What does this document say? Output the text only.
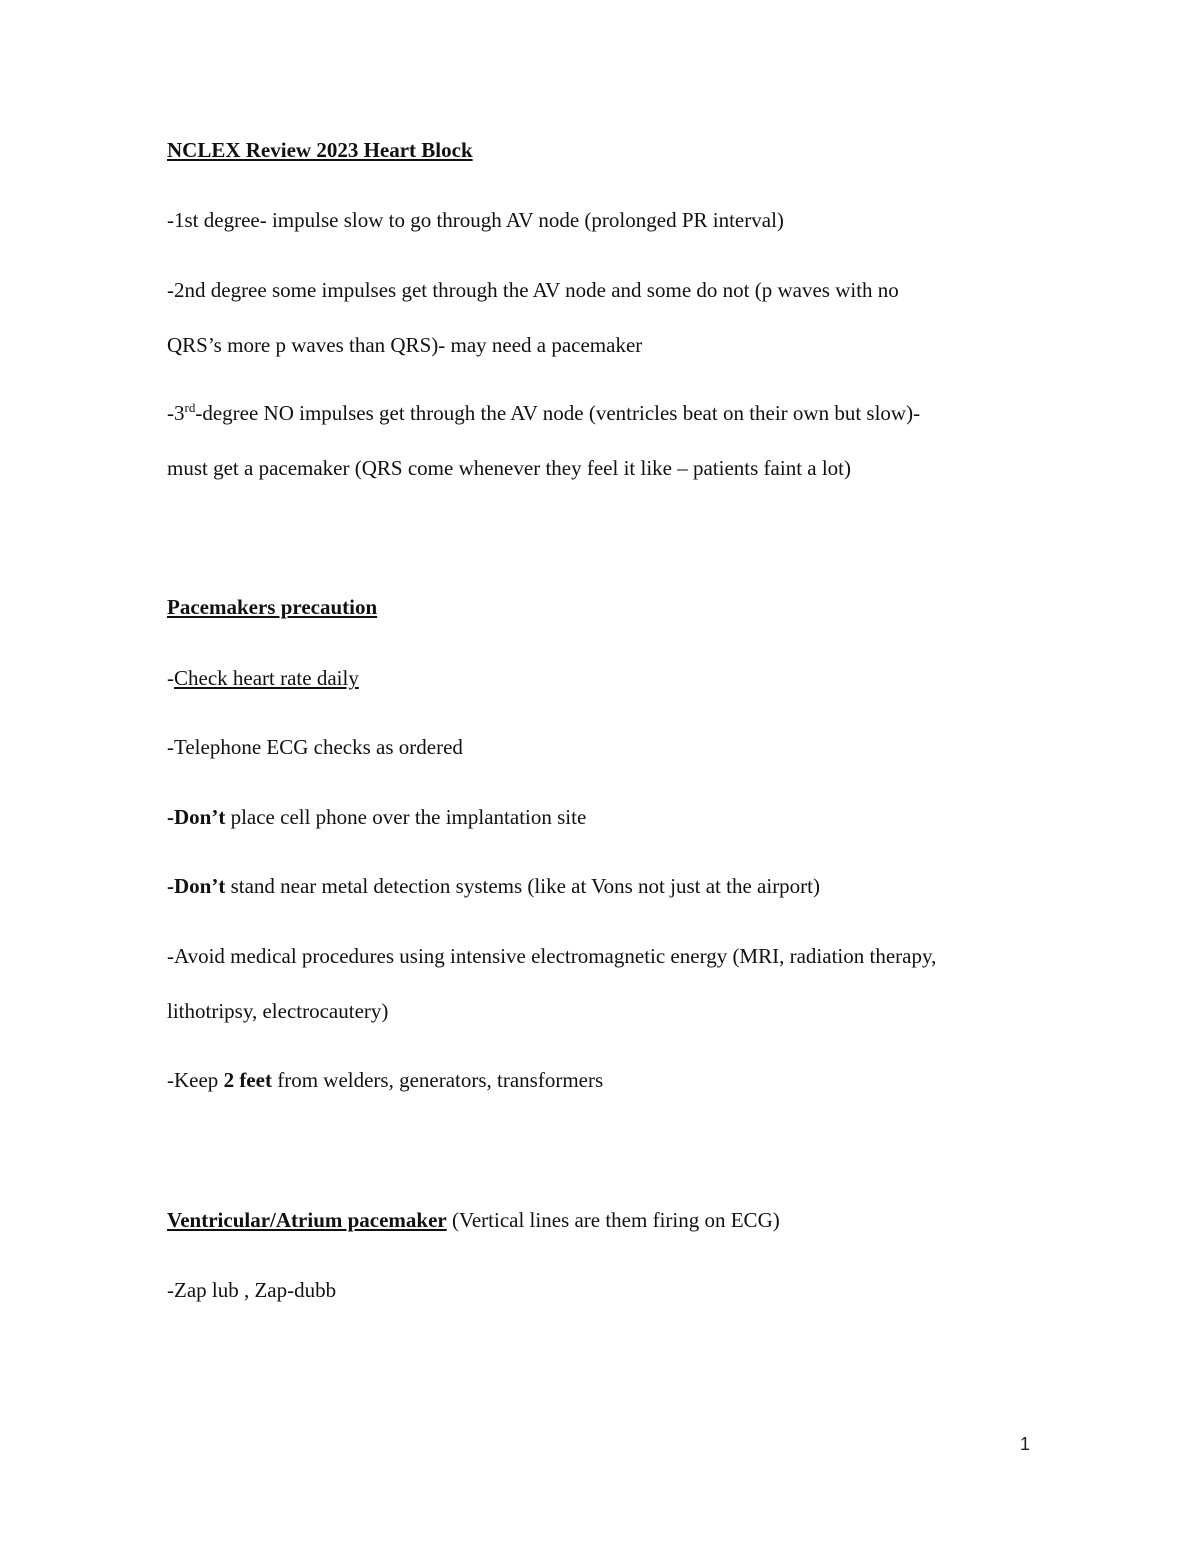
NCLEX Review 2023 Heart Block
-1st degree- impulse slow to go through AV node (prolonged PR interval)
-2nd degree some impulses get through the AV node and some do not (p waves with no
QRS’s more p waves than QRS)- may need a pacemaker
-3rd-degree NO impulses get through the AV node (ventricles beat on their own but slow)-
must get a pacemaker (QRS come whenever they feel it like – patients faint a lot)
Pacemakers precaution
-Check heart rate daily
-Telephone ECG checks as ordered
-Don’t place cell phone over the implantation site
-Don’t stand near metal detection systems (like at Vons not just at the airport)
-Avoid medical procedures using intensive electromagnetic energy (MRI, radiation therapy,
lithotripsy, electrocautery)
-Keep 2 feet from welders, generators, transformers
Ventricular/Atrium pacemaker (Vertical lines are them firing on ECG)
-Zap lub , Zap-dubb
1
